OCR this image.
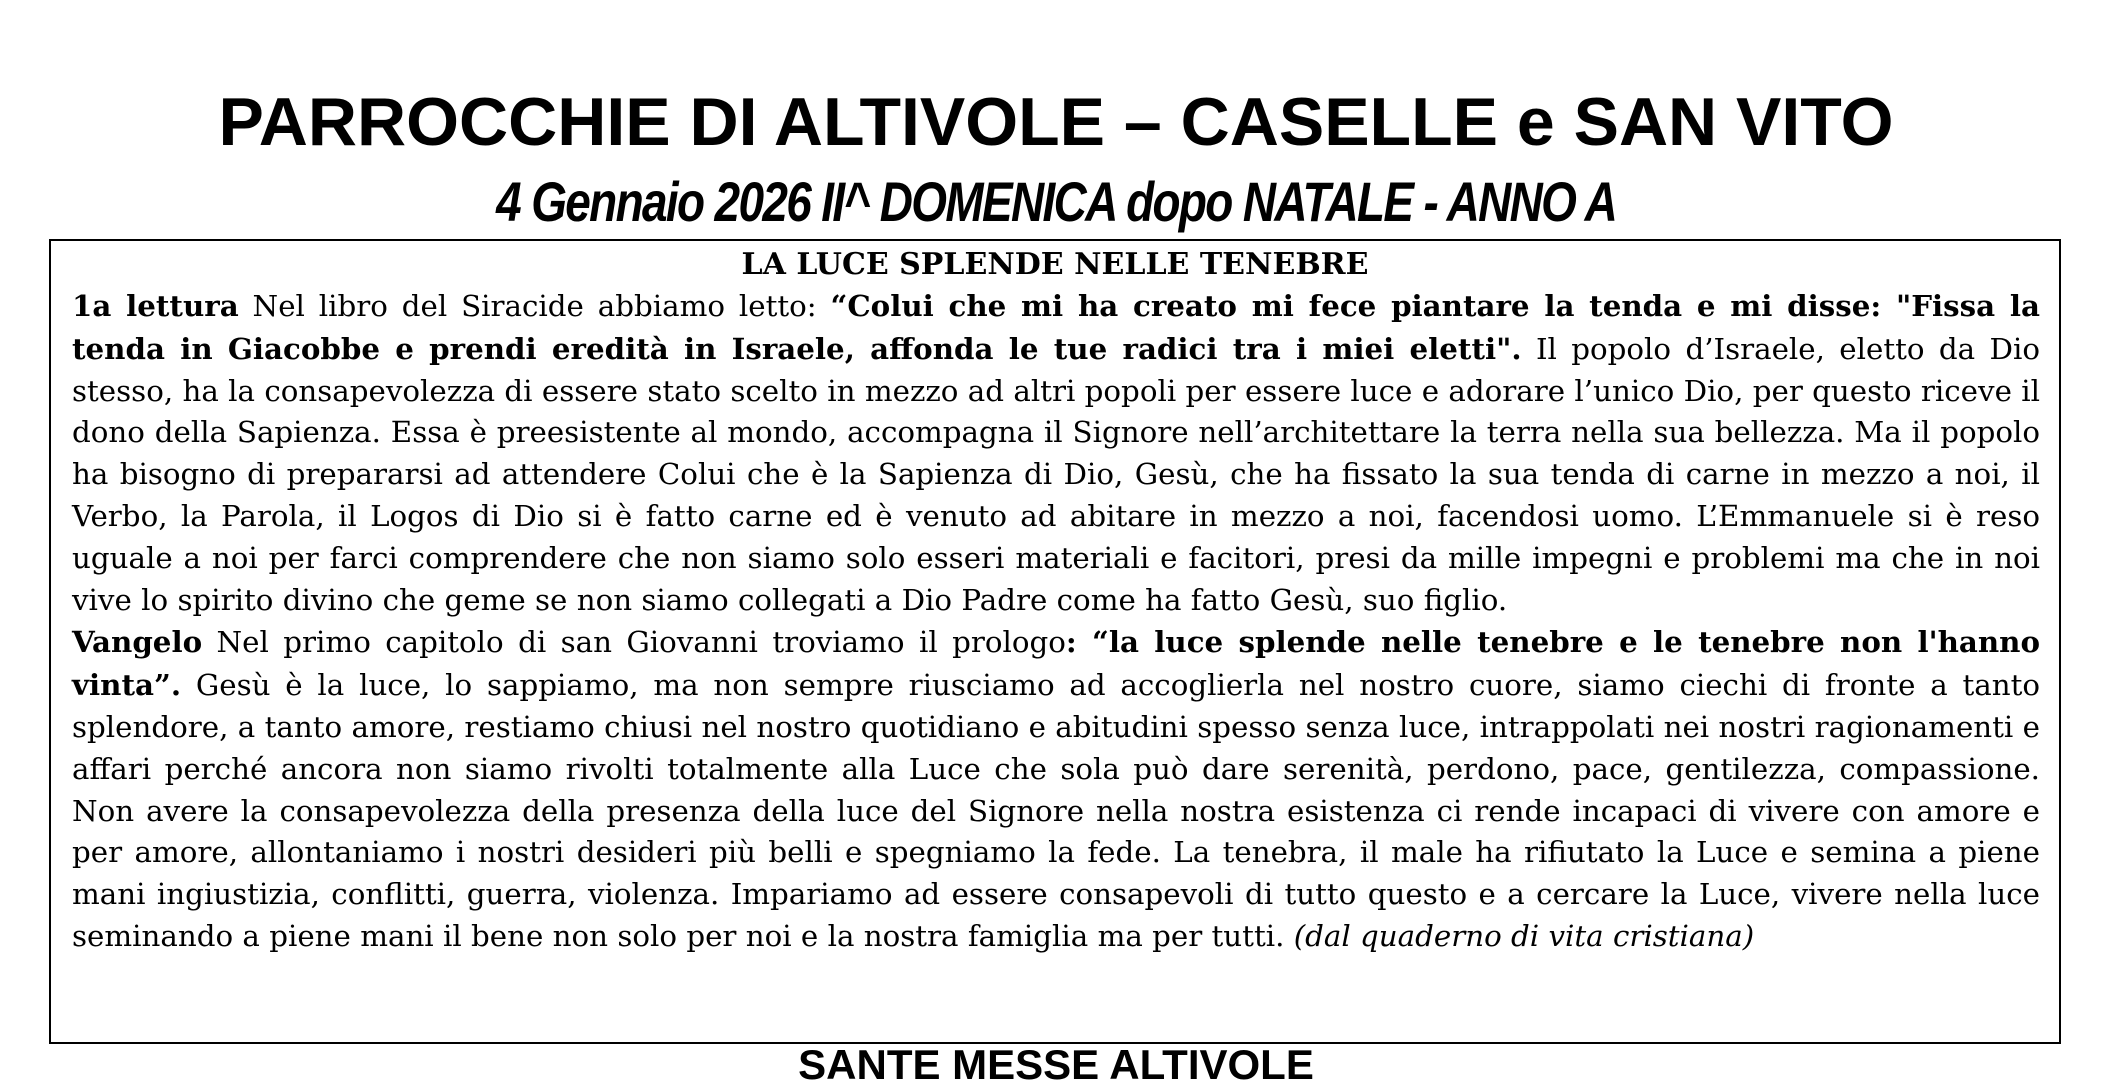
PARROCCHIE DI ALTIVOLE – CASELLE e SAN VITO
4 Gennaio 2026 II^ DOMENICA dopo NATALE - ANNO A
LA LUCE SPLENDE NELLE TENEBRE

1a lettura Nel libro del Siracide abbiamo letto: “Colui che mi ha creato mi fece piantare la tenda e mi disse: "Fissa la tenda in Giacobbe e prendi eredità in Israele, affonda le tue radici tra i miei eletti". Il popolo d’Israele, eletto da Dio stesso, ha la consapevolezza di essere stato scelto in mezzo ad altri popoli per essere luce e adorare l’unico Dio, per questo riceve il dono della Sapienza. Essa è preesistente al mondo, accompagna il Signore nell’architettare la terra nella sua bellezza. Ma il popolo ha bisogno di prepararsi ad attendere Colui che è la Sapienza di Dio, Gesù, che ha fissato la sua tenda di carne in mezzo a noi, il Verbo, la Parola, il Logos di Dio si è fatto carne ed è venuto ad abitare in mezzo a noi, facendosi uomo. L’Emmanuele si è reso uguale a noi per farci comprendere che non siamo solo esseri materiali e facitori, presi da mille impegni e problemi ma che in noi vive lo spirito divino che geme se non siamo collegati a Dio Padre come ha fatto Gesù, suo figlio.

Vangelo Nel primo capitolo di san Giovanni troviamo il prologo: “la luce splende nelle tenebre e le tenebre non l'hanno vinta”. Gesù è la luce, lo sappiamo, ma non sempre riusciamo ad accoglierla nel nostro cuore, siamo ciechi di fronte a tanto splendore, a tanto amore, restiamo chiusi nel nostro quotidiano e abitudini spesso senza luce, intrappolati nei nostri ragionamenti e affari perché ancora non siamo rivolti totalmente alla Luce che sola può dare serenità, perdono, pace, gentilezza, compassione. Non avere la consapevolezza della presenza della luce del Signore nella nostra esistenza ci rende incapaci di vivere con amore e per amore, allontaniamo i nostri desideri più belli e spegniamo la fede. La tenebra, il male ha rifiutato la Luce e semina a piene mani ingiustizia, conflitti, guerra, violenza. Impariamo ad essere consapevoli di tutto questo e a cercare la Luce, vivere nella luce seminando a piene mani il bene non solo per noi e la nostra famiglia ma per tutti. (dal quaderno di vita cristiana)

SANTE MESSE ALTIVOLE
